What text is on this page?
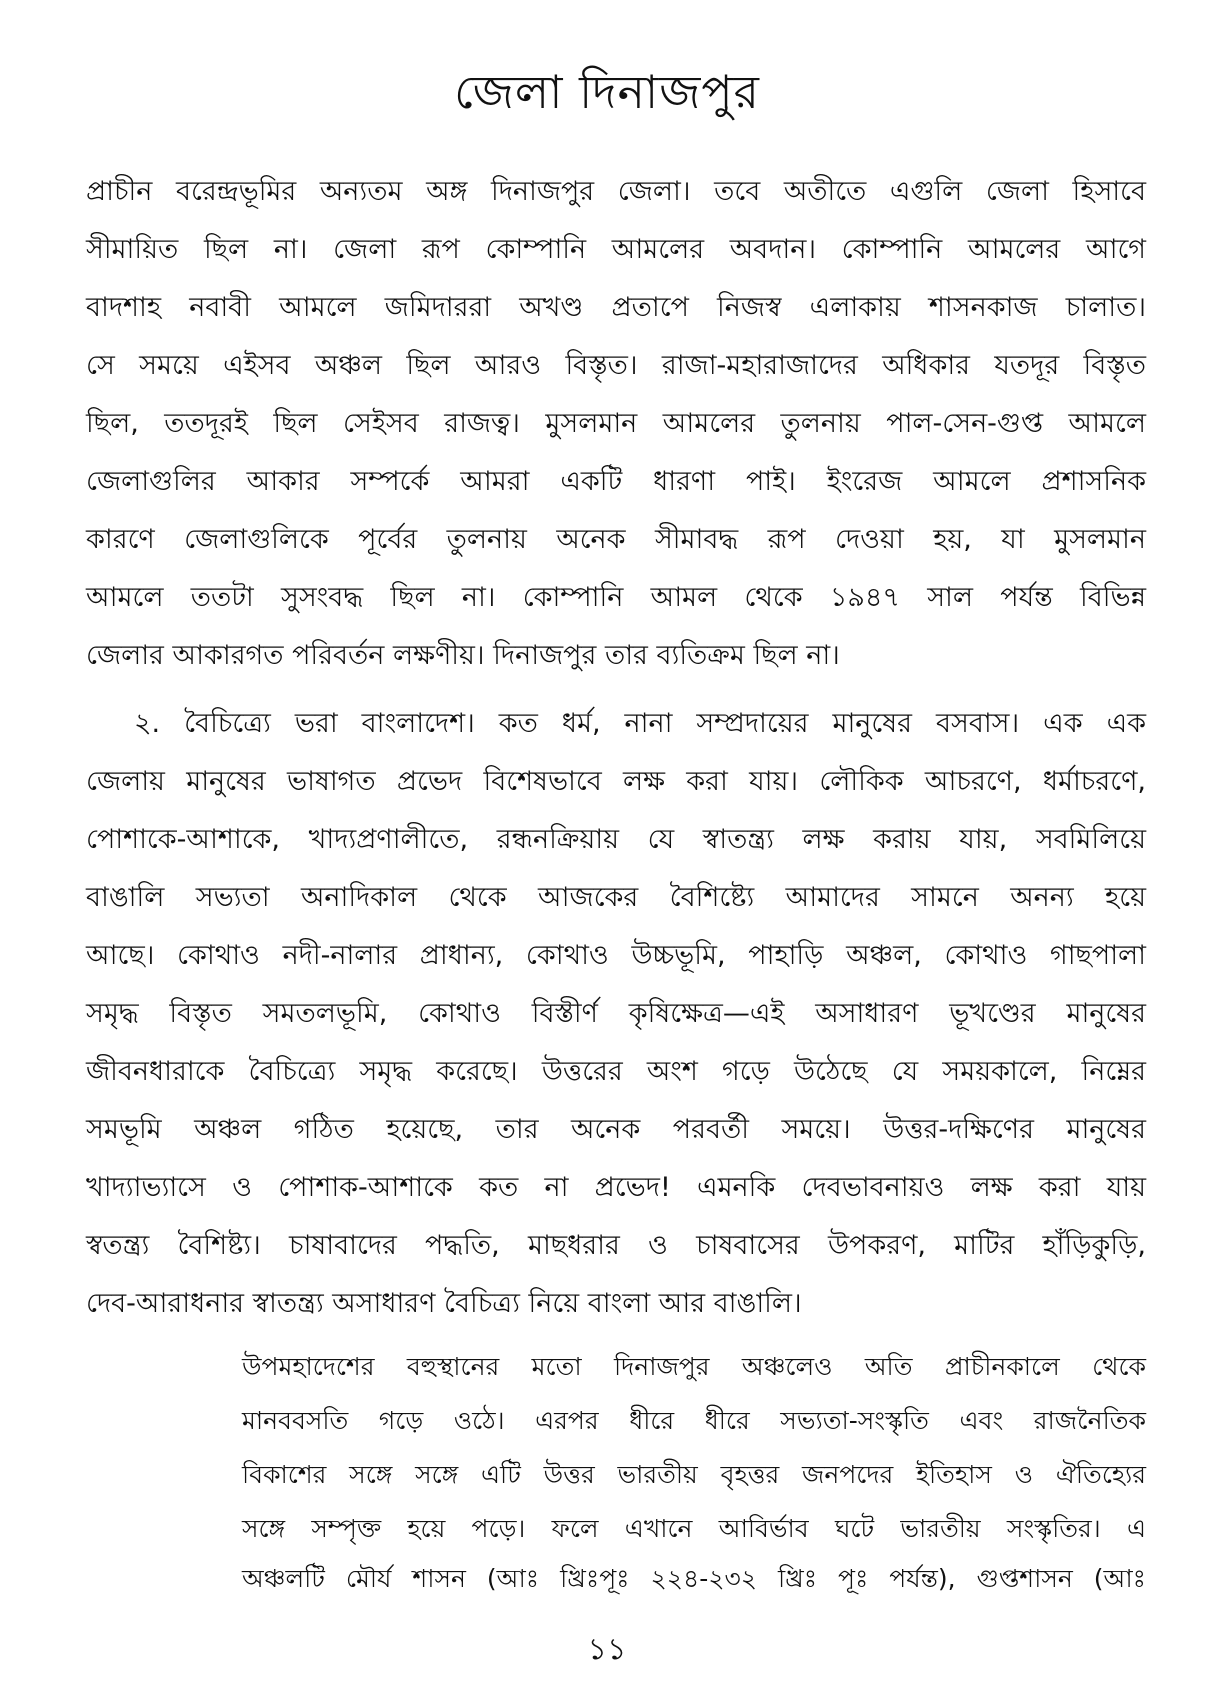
জেলা দিনাজপুর

প্রাচীন বরেন্দ্রভূমির অন্যতম অঙ্গ দিনাজপুর জেলা। তবে অতীতে এগুলি জেলা হিসাবে

সীমায়িত ছিল না। জেলা রূপ কোম্পানি আমলের অবদান। কোম্পানি আমলের আগে

বাদশাহ নবাবী আমলে জমিদাররা অখণ্ড প্রতাপে নিজস্ব এলাকায় শাসনকাজ চালাত।

সে সময়ে এইসব অঞ্চল ছিল আরও বিস্তৃত। রাজা-মহারাজাদের অধিকার যতদূর বিস্তৃত

ছিল, ততদূরই ছিল সেইসব রাজত্ব। মুসলমান আমলের তুলনায় পাল-সেন-গুপ্ত আমলে

জেলাগুলির আকার সম্পর্কে আমরা একটি ধারণা পাই। ইংরেজ আমলে প্রশাসনিক

কারণে জেলাগুলিকে পূর্বের তুলনায় অনেক সীমাবদ্ধ রূপ দেওয়া হয়, যা মুসলমান

আমলে ততটা সুসংবদ্ধ ছিল না। কোম্পানি আমল থেকে ১৯৪৭ সাল পর্যন্ত বিভিন্ন

জেলার আকারগত পরিবর্তন লক্ষণীয়। দিনাজপুর তার ব্যতিক্রম ছিল না।

২. বৈচিত্র্যে ভরা বাংলাদেশ। কত ধর্ম, নানা সম্প্রদায়ের মানুষের বসবাস। এক এক

জেলায় মানুষের ভাষাগত প্রভেদ বিশেষভাবে লক্ষ করা যায়। লৌকিক আচরণে, ধর্মাচরণে,

পোশাকে-আশাকে, খাদ্যপ্রণালীতে, রন্ধনক্রিয়ায় যে স্বাতন্ত্র্য লক্ষ করায় যায়, সবমিলিয়ে

বাঙালি সভ্যতা অনাদিকাল থেকে আজকের বৈশিষ্ট্যে আমাদের সামনে অনন্য হয়ে

আছে। কোথাও নদী-নালার প্রাধান্য, কোথাও উচ্চভূমি, পাহাড়ি অঞ্চল, কোথাও গাছপালা

সমৃদ্ধ বিস্তৃত সমতলভূমি, কোথাও বিস্তীর্ণ কৃষিক্ষেত্র—এই অসাধারণ ভূখণ্ডের মানুষের

জীবনধারাকে বৈচিত্র্যে সমৃদ্ধ করেছে। উত্তরের অংশ গড়ে উঠেছে যে সময়কালে, নিম্নের

সমভূমি অঞ্চল গঠিত হয়েছে, তার অনেক পরবর্তী সময়ে। উত্তর-দক্ষিণের মানুষের

খাদ্যাভ্যাসে ও পোশাক-আশাকে কত না প্রভেদ! এমনকি দেবভাবনায়ও লক্ষ করা যায়

স্বতন্ত্র্য বৈশিষ্ট্য। চাষাবাদের পদ্ধতি, মাছধরার ও চাষবাসের উপকরণ, মাটির হাঁড়িকুড়ি,

দেব-আরাধনার স্বাতন্ত্র্য অসাধারণ বৈচিত্র্য নিয়ে বাংলা আর বাঙালি।

উপমহাদেশের বহুস্থানের মতো দিনাজপুর অঞ্চলেও অতি প্রাচীনকালে থেকে

মানববসতি গড়ে ওঠে। এরপর ধীরে ধীরে সভ্যতা-সংস্কৃতি এবং রাজনৈতিক

বিকাশের সঙ্গে সঙ্গে এটি উত্তর ভারতীয় বৃহত্তর জনপদের ইতিহাস ও ঐতিহ্যের

সঙ্গে সম্পৃক্ত হয়ে পড়ে। ফলে এখানে আবির্ভাব ঘটে ভারতীয় সংস্কৃতির। এ

অঞ্চলটি মৌর্য শাসন (আঃ খ্রিঃপূঃ ২২৪-২৩২ খ্রিঃ পূঃ পর্যন্ত), গুপ্তশাসন (আঃ

১১
